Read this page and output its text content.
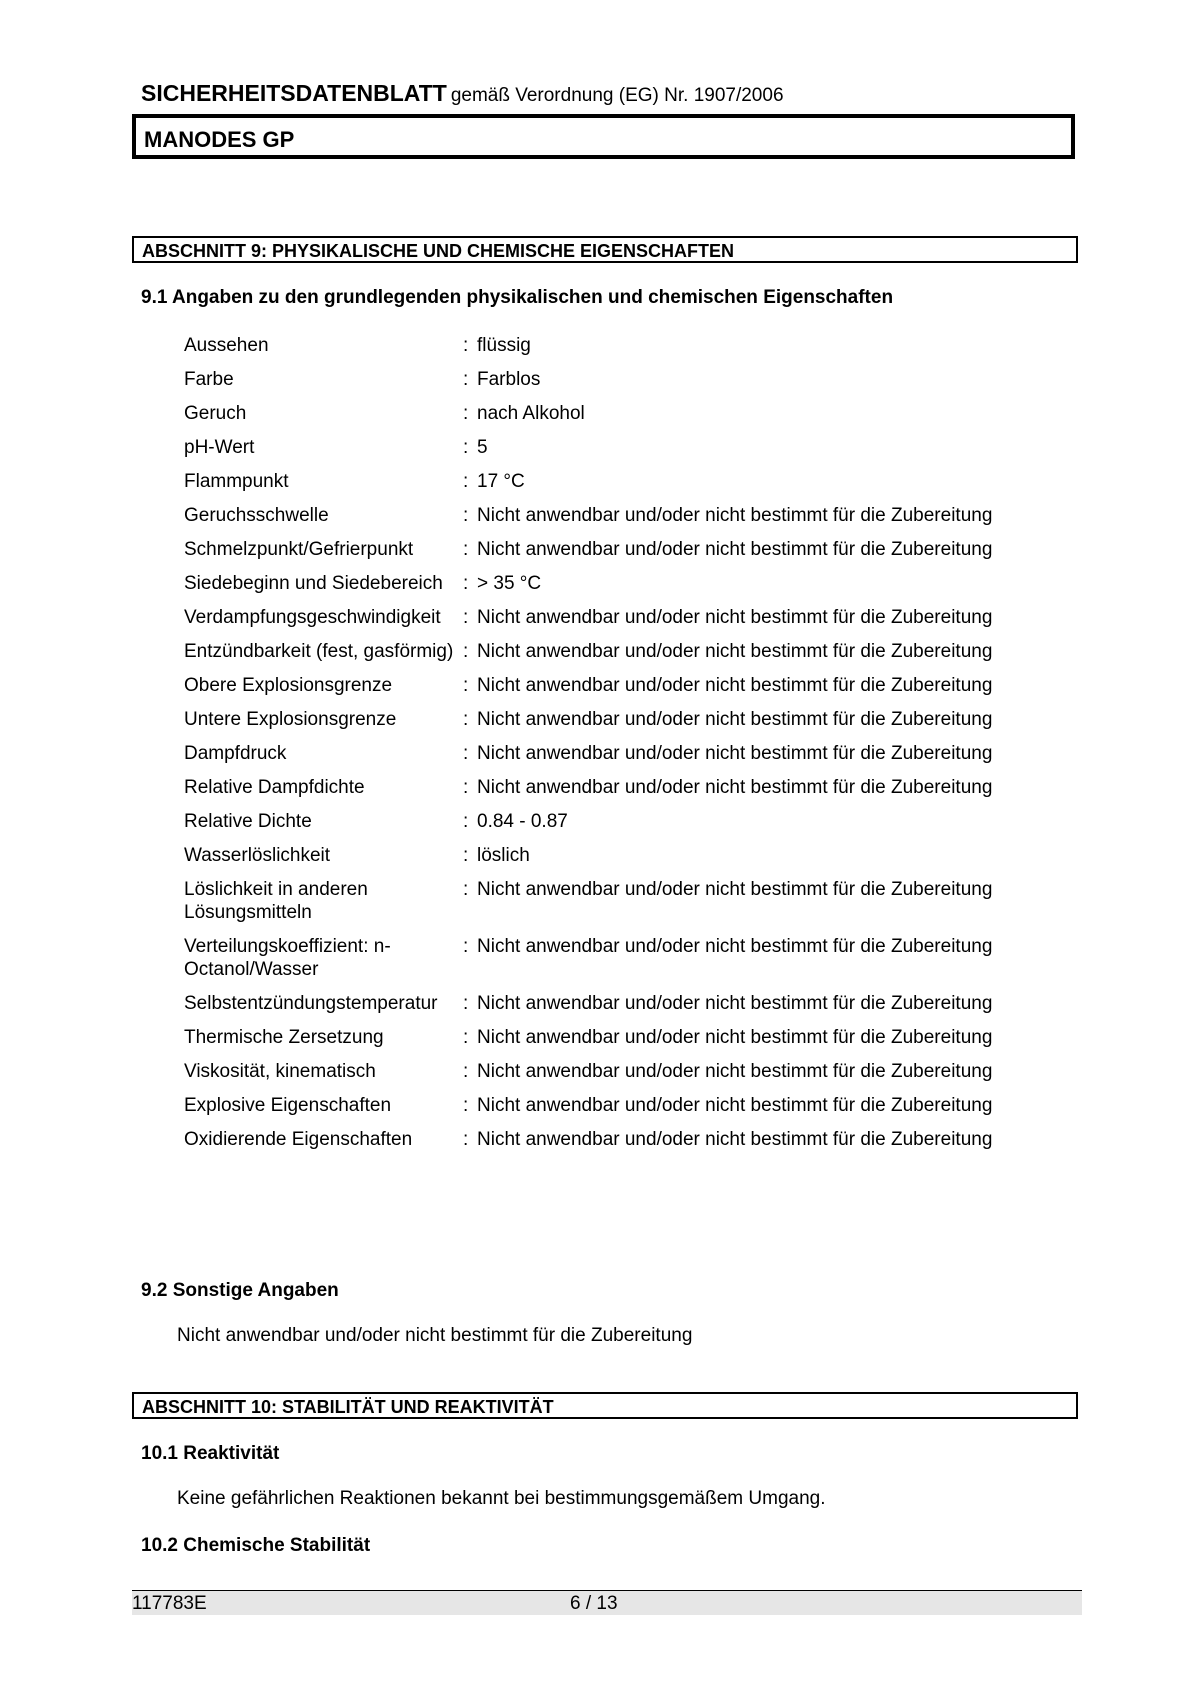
SICHERHEITSDATENBLATT gemäß Verordnung (EG) Nr. 1907/2006
MANODES GP
ABSCHNITT 9: PHYSIKALISCHE UND CHEMISCHE EIGENSCHAFTEN
9.1 Angaben zu den grundlegenden physikalischen und chemischen Eigenschaften
Aussehen	: flüssig
Farbe	: Farblos
Geruch	: nach Alkohol
pH-Wert	: 5
Flammpunkt	: 17 °C
Geruchsschwelle	: Nicht anwendbar und/oder nicht bestimmt für die Zubereitung
Schmelzpunkt/Gefrierpunkt	: Nicht anwendbar und/oder nicht bestimmt für die Zubereitung
Siedebeginn und Siedebereich	: > 35 °C
Verdampfungsgeschwindigkeit	: Nicht anwendbar und/oder nicht bestimmt für die Zubereitung
Entzündbarkeit (fest, gasförmig) : Nicht anwendbar und/oder nicht bestimmt für die Zubereitung
Obere Explosionsgrenze	: Nicht anwendbar und/oder nicht bestimmt für die Zubereitung
Untere Explosionsgrenze	: Nicht anwendbar und/oder nicht bestimmt für die Zubereitung
Dampfdruck	: Nicht anwendbar und/oder nicht bestimmt für die Zubereitung
Relative Dampfdichte	: Nicht anwendbar und/oder nicht bestimmt für die Zubereitung
Relative Dichte	: 0.84 - 0.87
Wasserlöslichkeit	: löslich
Löslichkeit in anderen Lösungsmitteln
: Nicht anwendbar und/oder nicht bestimmt für die Zubereitung
Verteilungskoeffizient: n-Octanol/Wasser
: Nicht anwendbar und/oder nicht bestimmt für die Zubereitung
Selbstentzündungstemperatur	: Nicht anwendbar und/oder nicht bestimmt für die Zubereitung
Thermische Zersetzung	: Nicht anwendbar und/oder nicht bestimmt für die Zubereitung
Viskosität, kinematisch	: Nicht anwendbar und/oder nicht bestimmt für die Zubereitung
Explosive Eigenschaften	: Nicht anwendbar und/oder nicht bestimmt für die Zubereitung
Oxidierende Eigenschaften	: Nicht anwendbar und/oder nicht bestimmt für die Zubereitung
9.2 Sonstige Angaben
Nicht anwendbar und/oder nicht bestimmt für die Zubereitung
ABSCHNITT 10: STABILITÄT UND REAKTIVITÄT
10.1 Reaktivität
Keine gefährlichen Reaktionen bekannt bei bestimmungsgemäßem Umgang.
10.2 Chemische Stabilität
117783E	6 / 13
